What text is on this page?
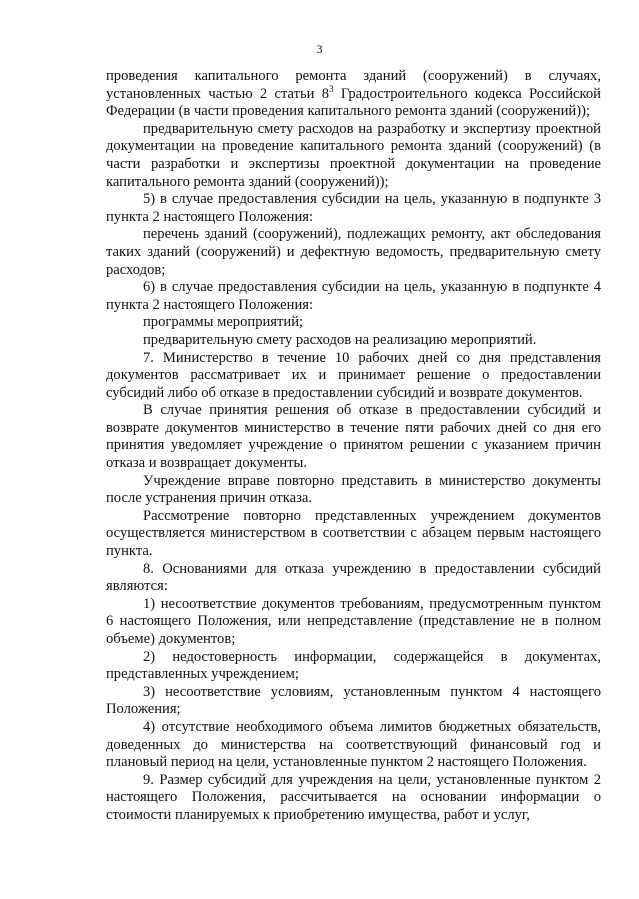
3

проведения капитального ремонта зданий (сооружений) в случаях, установленных частью 2 статьи $8^3$ Градостроительного кодекса Российской Федерации (в части проведения капитального ремонта зданий (сооружений));

предварительную смету расходов на разработку и экспертизу проектной документации на проведение капитального ремонта зданий (сооружений) (в части разработки и экспертизы проектной документации на проведение капитального ремонта зданий (сооружений));

5) в случае предоставления субсидии на цель, указанную в подпункте 3 пункта 2 настоящего Положения:

перечень зданий (сооружений), подлежащих ремонту, акт обследования таких зданий (сооружений) и дефектную ведомость, предварительную смету расходов;

6) в случае предоставления субсидии на цель, указанную в подпункте 4 пункта 2 настоящего Положения:

программы мероприятий;

предварительную смету расходов на реализацию мероприятий.

7. Министерство в течение 10 рабочих дней со дня представления документов рассматривает их и принимает решение о предоставлении субсидий либо об отказе в предоставлении субсидий и возврате документов.

В случае принятия решения об отказе в предоставлении субсидий и возврате документов министерство в течение пяти рабочих дней со дня его принятия уведомляет учреждение о принятом решении с указанием причин отказа и возвращает документы.

Учреждение вправе повторно представить в министерство документы после устранения причин отказа.

Рассмотрение повторно представленных учреждением документов осуществляется министерством в соответствии с абзацем первым настоящего пункта.

8. Основаниями для отказа учреждению в предоставлении субсидий являются:

1) несоответствие документов требованиям, предусмотренным пунктом 6 настоящего Положения, или непредставление (представление не в полном объеме) документов;

2) недостоверность информации, содержащейся в документах, представленных учреждением;

3) несоответствие условиям, установленным пунктом 4 настоящего Положения;

4) отсутствие необходимого объема лимитов бюджетных обязательств, доведенных до министерства на соответствующий финансовый год и плановый период на цели, установленные пунктом 2 настоящего Положения.

9. Размер субсидий для учреждения на цели, установленные пунктом 2 настоящего Положения, рассчитывается на основании информации о стоимости планируемых к приобретению имущества, работ и услуг,
